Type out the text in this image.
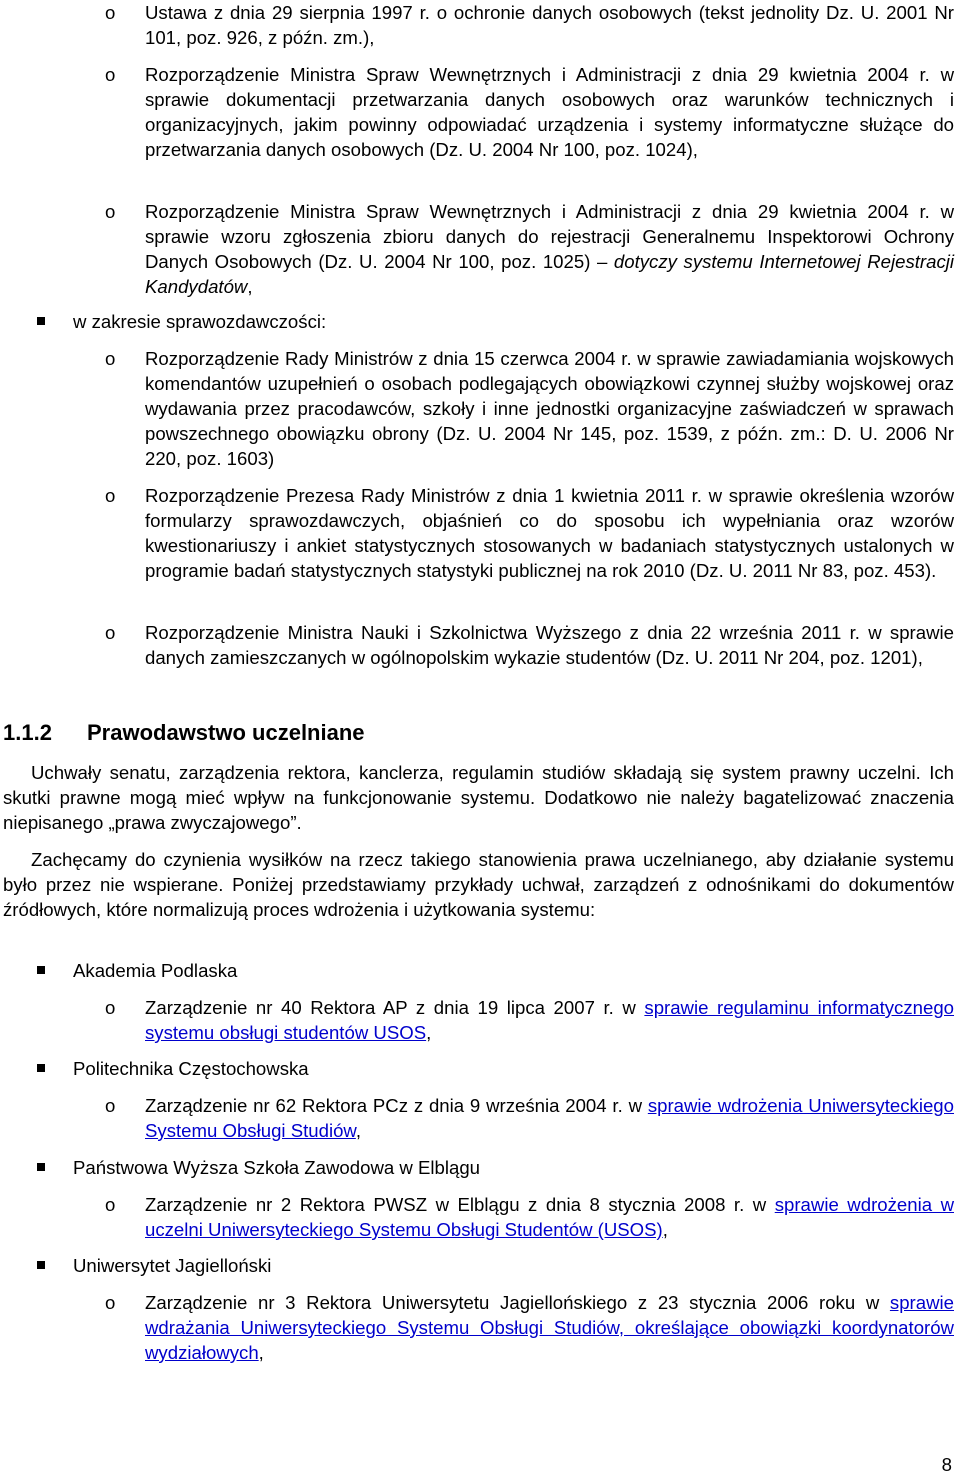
o Ustawa z dnia 29 sierpnia 1997 r. o ochronie danych osobowych (tekst jednolity Dz. U. 2001 Nr 101, poz. 926, z późn. zm.),
o Rozporządzenie Ministra Spraw Wewnętrznych i Administracji z dnia 29 kwietnia 2004 r. w sprawie dokumentacji przetwarzania danych osobowych oraz warunków technicznych i organizacyjnych, jakim powinny odpowiadać urządzenia i systemy informatyczne służące do przetwarzania danych osobowych (Dz. U. 2004 Nr 100, poz. 1024),
o Rozporządzenie Ministra Spraw Wewnętrznych i Administracji z dnia 29 kwietnia 2004 r. w sprawie wzoru zgłoszenia zbioru danych do rejestracji Generalnemu Inspektorowi Ochrony Danych Osobowych (Dz. U. 2004 Nr 100, poz. 1025) – dotyczy systemu Internetowej Rejestracji Kandydatów,
w zakresie sprawozdawczości:
o Rozporządzenie Rady Ministrów z dnia 15 czerwca 2004 r. w sprawie zawiadamiania wojskowych komendantów uzupełnień o osobach podlegających obowiązkowi czynnej służby wojskowej oraz wydawania przez pracodawców, szkoły i inne jednostki organizacyjne zaświadczeń w sprawach powszechnego obowiązku obrony (Dz. U. 2004 Nr 145, poz. 1539, z późn. zm.: D. U. 2006 Nr 220, poz. 1603)
o Rozporządzenie Prezesa Rady Ministrów z dnia 1 kwietnia 2011 r. w sprawie określenia wzorów formularzy sprawozdawczych, objaśnień co do sposobu ich wypełniania oraz wzorów kwestionariuszy i ankiet statystycznych stosowanych w badaniach statystycznych ustalonych w programie badań statystycznych statystyki publicznej na rok 2010 (Dz. U. 2011 Nr 83, poz. 453).
o Rozporządzenie Ministra Nauki i Szkolnictwa Wyższego z dnia 22 września 2011 r. w sprawie danych zamieszczanych w ogólnopolskim wykazie studentów (Dz. U. 2011 Nr 204, poz. 1201),
1.1.2 Prawodawstwo uczelniane
Uchwały senatu, zarządzenia rektora, kanclerza, regulamin studiów składają się system prawny uczelni. Ich skutki prawne mogą mieć wpływ na funkcjonowanie systemu. Dodatkowo nie należy bagatelizować znaczenia niepisanego „prawa zwyczajowego”.
Zachęcamy do czynienia wysiłków na rzecz takiego stanowienia prawa uczelnianego, aby działanie systemu było przez nie wspierane. Poniżej przedstawiamy przykłady uchwał, zarządzeń z odnośnikami do dokumentów źródłowych, które normalizują proces wdrożenia i użytkowania systemu:
Akademia Podlaska
o Zarządzenie nr 40 Rektora AP z dnia 19 lipca 2007 r. w sprawie regulaminu informatycznego systemu obsługi studentów USOS,
Politechnika Częstochowska
o Zarządzenie nr 62 Rektora PCz z dnia 9 września 2004 r. w sprawie wdrożenia Uniwersyteckiego Systemu Obsługi Studiów,
Państwowa Wyższa Szkoła Zawodowa w Elblągu
o Zarządzenie nr 2 Rektora PWSZ w Elblągu z dnia 8 stycznia 2008 r. w sprawie wdrożenia w uczelni Uniwersyteckiego Systemu Obsługi Studentów (USOS),
Uniwersytet Jagielloński
o Zarządzenie nr 3 Rektora Uniwersytetu Jagiellońskiego z 23 stycznia 2006 roku w sprawie wdrażania Uniwersyteckiego Systemu Obsługi Studiów, określające obowiązki koordynatorów wydziałowych,
8
